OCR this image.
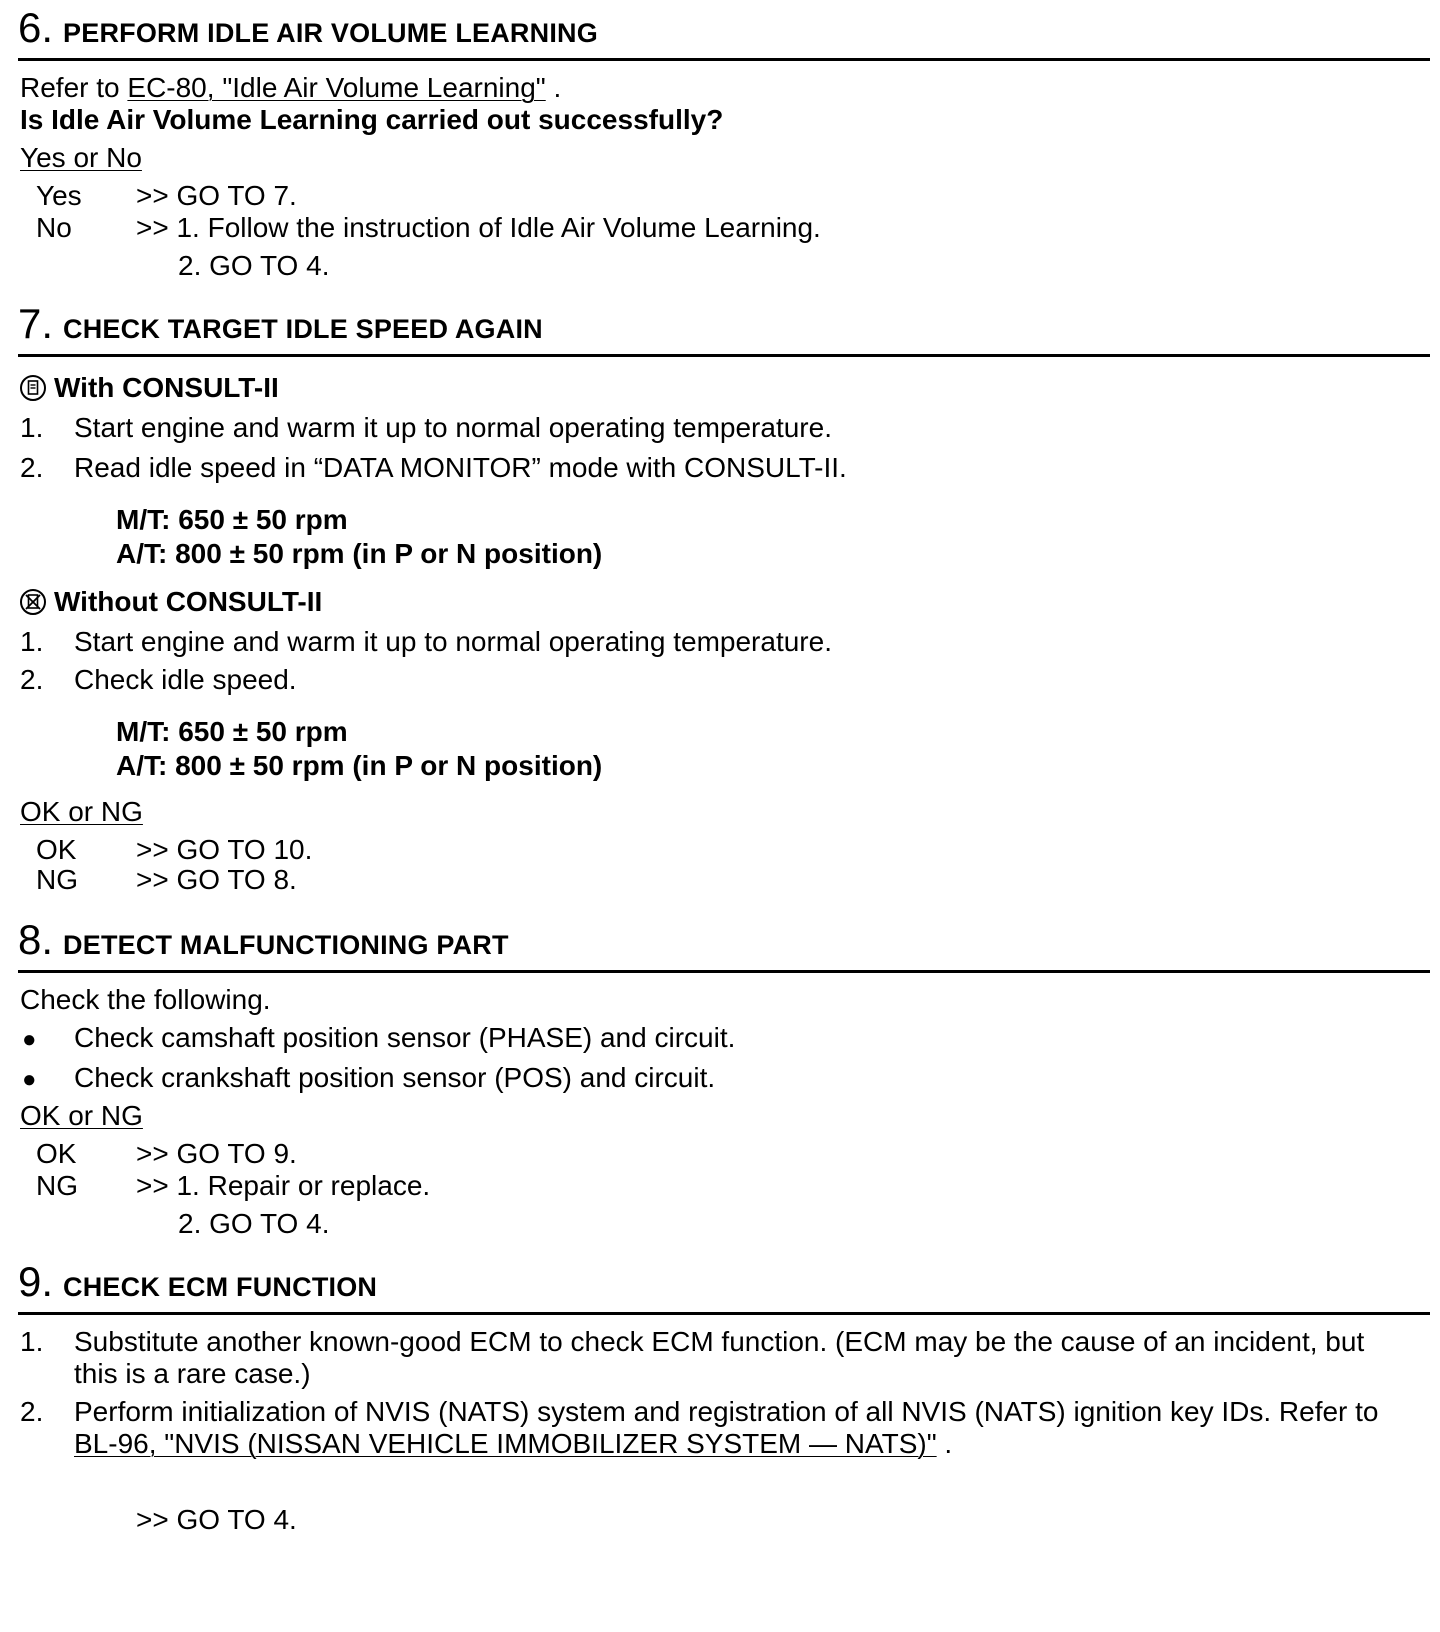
6. PERFORM IDLE AIR VOLUME LEARNING
Refer to EC-80, "Idle Air Volume Learning" .
Is Idle Air Volume Learning carried out successfully?
Yes or No
Yes >> GO TO 7.
No >> 1. Follow the instruction of Idle Air Volume Learning.
2. GO TO 4.
7. CHECK TARGET IDLE SPEED AGAIN
With CONSULT-II
1. Start engine and warm it up to normal operating temperature.
2. Read idle speed in “DATA MONITOR” mode with CONSULT-II.
M/T: 650 ± 50 rpm
A/T: 800 ± 50 rpm (in P or N position)
Without CONSULT-II
1. Start engine and warm it up to normal operating temperature.
2. Check idle speed.
M/T: 650 ± 50 rpm
A/T: 800 ± 50 rpm (in P or N position)
OK or NG
OK >> GO TO 10.
NG >> GO TO 8.
8. DETECT MALFUNCTIONING PART
Check the following.
● Check camshaft position sensor (PHASE) and circuit.
● Check crankshaft position sensor (POS) and circuit.
OK or NG
OK >> GO TO 9.
NG >> 1. Repair or replace.
2. GO TO 4.
9. CHECK ECM FUNCTION
1. Substitute another known-good ECM to check ECM function. (ECM may be the cause of an incident, but
this is a rare case.)
2. Perform initialization of NVIS (NATS) system and registration of all NVIS (NATS) ignition key IDs. Refer to
BL-96, "NVIS (NISSAN VEHICLE IMMOBILIZER SYSTEM — NATS)" .
>> GO TO 4.
